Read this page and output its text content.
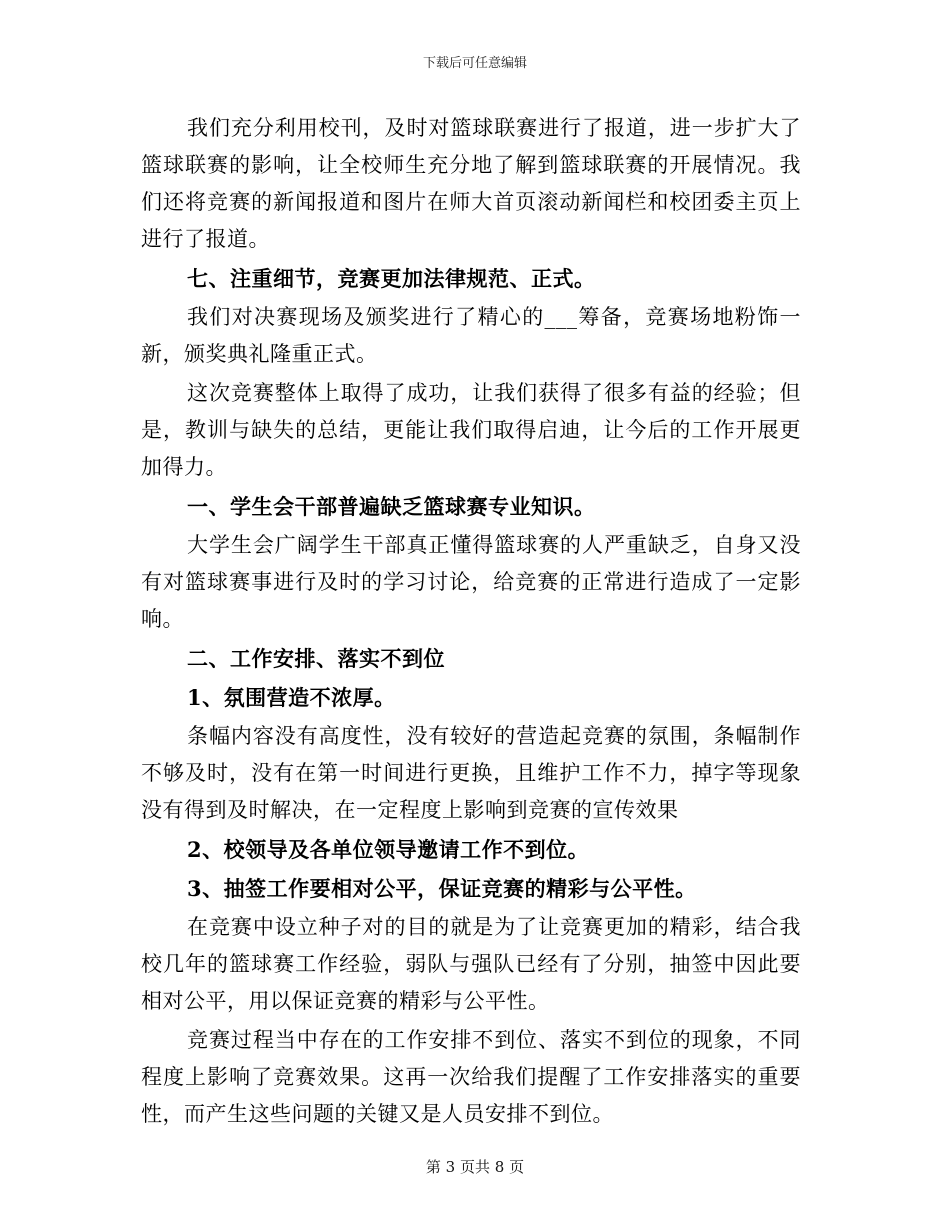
下载后可任意编辑

我们充分利用校刊，及时对篮球联赛进行了报道，进一步扩大了篮球联赛的影响，让全校师生充分地了解到篮球联赛的开展情况。我们还将竞赛的新闻报道和图片在师大首页滚动新闻栏和校团委主页上进行了报道。

七、注重细节，竞赛更加法律规范、正式。

我们对决赛现场及颁奖进行了精心的___筹备，竞赛场地粉饰一新，颁奖典礼隆重正式。

这次竞赛整体上取得了成功，让我们获得了很多有益的经验；但是，教训与缺失的总结，更能让我们取得启迪，让今后的工作开展更加得力。

一、学生会干部普遍缺乏篮球赛专业知识。

大学生会广阔学生干部真正懂得篮球赛的人严重缺乏，自身又没有对篮球赛事进行及时的学习讨论，给竞赛的正常进行造成了一定影响。

二、工作安排、落实不到位

1、氛围营造不浓厚。

条幅内容没有高度性，没有较好的营造起竞赛的氛围，条幅制作不够及时，没有在第一时间进行更换，且维护工作不力，掉字等现象没有得到及时解决，在一定程度上影响到竞赛的宣传效果

2、校领导及各单位领导邀请工作不到位。

3、抽签工作要相对公平，保证竞赛的精彩与公平性。

在竞赛中设立种子对的目的就是为了让竞赛更加的精彩，结合我校几年的篮球赛工作经验，弱队与强队已经有了分别，抽签中因此要相对公平，用以保证竞赛的精彩与公平性。

竞赛过程当中存在的工作安排不到位、落实不到位的现象，不同程度上影响了竞赛效果。这再一次给我们提醒了工作安排落实的重要性，而产生这些问题的关键又是人员安排不到位。

第 3 页共 8 页
